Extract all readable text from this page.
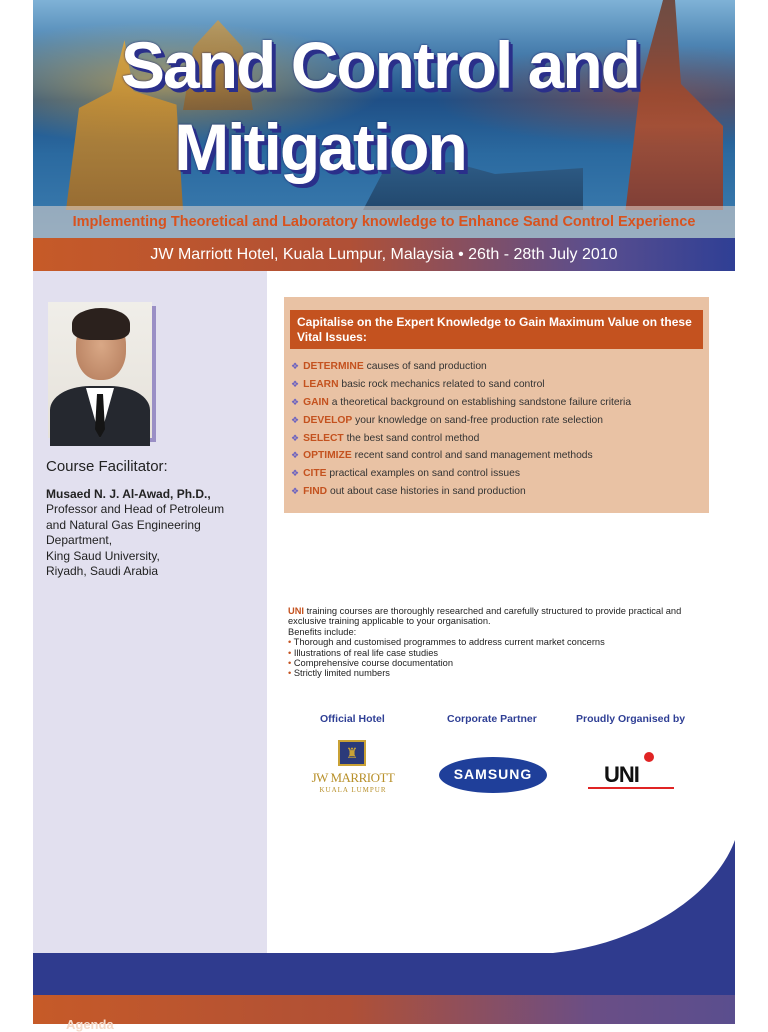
Sand Control and
Mitigation
Implementing Theoretical and Laboratory knowledge to Enhance Sand Control Experience
JW Marriott Hotel, Kuala Lumpur, Malaysia • 26th - 28th July 2010
Course Facilitator:
Musaed N. J. Al-Awad, Ph.D.,
Professor and Head of Petroleum
and Natural Gas Engineering
Department,
King Saud University,
Riyadh, Saudi Arabia
Capitalise on the Expert Knowledge to Gain Maximum Value on these Vital Issues:
❖ DETERMINE causes of sand production
❖ LEARN basic rock mechanics related to sand control
❖ GAIN a theoretical background on establishing sandstone failure criteria
❖ DEVELOP your knowledge on sand-free production rate selection
❖ SELECT the best sand control method
❖ OPTIMIZE recent sand control and sand management methods
❖ CITE practical examples on sand control issues
❖ FIND out about case histories in sand production
UNI training courses are thoroughly researched and carefully structured to provide practical and
exclusive training applicable to your organisation.
Benefits include:
• Thorough and customised programmes to address current market concerns
• Illustrations of real life case studies
• Comprehensive course documentation
• Strictly limited numbers
Official Hotel	Corporate Partner	Proudly Organised by
♜
JW MARRIOTT
KUALA LUMPUR
SAMSUNG	UNI
Agenda
